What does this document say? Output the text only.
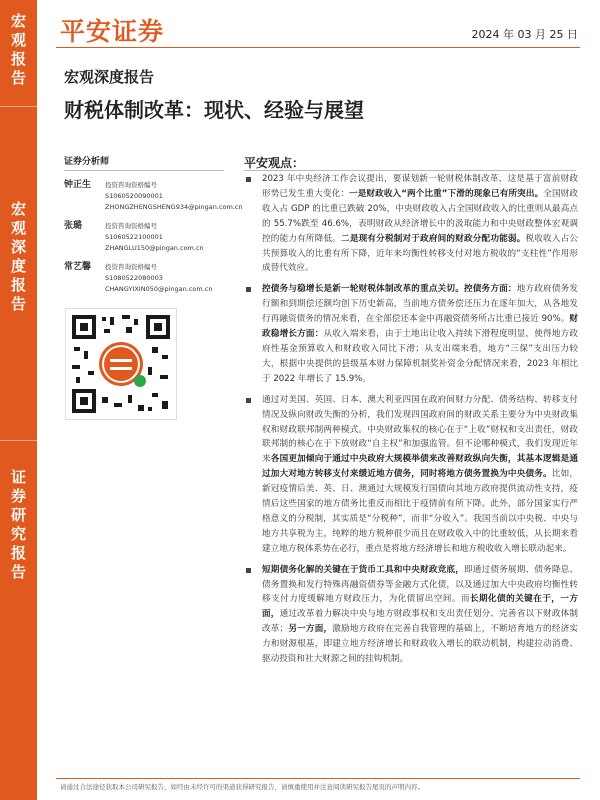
宏
观
报
告
宏
观
深
度
报
告
证
券
研
究
报
告
平安证券	2024 年 03 月 25 日
宏观深度报告
财税体制改革：现状、经验与展望
证券分析师
钟正生 投资咨询资格编号
S1060520090001
ZHONGZHENGSHENG934@pingan.com.cn
张璐	投资咨询资格编号
S1060522100001
ZHANGLU150@pingan.com.cn
常艺馨 投资咨询资格编号
S1080522080003
CHANGYIXIN050@pingan.com.cn
平安观点：
2023 年中央经济工作会议提出，要谋划新一轮财税体制改革，这是基于富前财政形势已发生重大变化：一是财政收入“两个比重”下滑的现象已有所突出。全国财政收入占 GDP 的比重已跌破 20%，中央财政收入占全国财政收入的比重则从最高点的 55.7%跌至 46.6%，表明财政从经济增长中的汲取能力和中央财政整体宏观调控的能力有所降低。二是现有分税制对于政府间的财政分配功能弱。税收收入占公共预算收入的比重有所下降，近年来均衡性转移支付对地方税收的“支柱性”作用形成替代效应。
控债务与稳增长是新一轮财税体制改革的重点关切。控债务方面：地方政府债务发行额和到期偿还额均创下历史新高，当前地方债务偿还压力在逐年加大，从各地发行再融资债务的情况来看，在全部偿还本金中再融资债务所占比重已接近 90%。财政稳增长方面：从收入端来看，由于土地出让收入持续下滑程度明显，使得地方政府性基金预算收入和财政收入同比下滑；从支出端来看，地方“三保”支出压力较大，根据中央提供的县级基本财力保障机制奖补资金分配情况来看，2023 年相比于 2022 年增长了 15.9%。
通过对美国、英国、日本、澳大利亚四国在政府间财力分配、债务结构、转移支付情况及纵向财政失衡的分析，我们发现四国政府间的财政关系主要分为中央财政集权和财政联邦制两种模式。中央财政集权的核心在于“上收”财权和支出责任，财政联邦制的核心在于下放财政“自主权”和加强监管。但不论哪种模式，我们发现近年来各国更加倾向于通过中央政府大规模举债来改善财政纵向失衡，其基本逻辑是通过加大对地方转移支付来缓近地方债务，同时将地方债务置换为中央债务。比如，新冠疫情后美、英、日、澳通过大规模发行国债向其地方政府提供流动性支持，疫情后这些国家的地方债务比重反而相比于疫情前有所下降。此外，部分国家实行严格意义的分税制，其实质是“分税种”，而非“分收入”。我国当前以中央税、中央与地方共享税为主，纯粹的地方税种很少而且在财政收入中的比重较低，从长期来看建立地方税体系势在必行，重点是将地方经济增长和地方税收收入增长联动起来。
短期债务化解的关键在于货币工具和中央财政竞底，即通过债务展期、债务降息、债务置换和发行特殊再融资债券等金融方式化债，以及通过加大中央政府均衡性转移支付力度缓解地方财政压力，为化债留出空间。而长期化债的关键在于，一方面，通过改革着力解决中央与地方财政事权和支出责任划分、完善省以下财政体制改革；另一方面，激励地方政府在完善自我管理的基础上，不断培育地方的经济实力和财源根基，即建立地方经济增长和财政收入增长的联动机制，构建拉动消费、驱动投资和社大财源之间的挂钩机制。
请通过合法途径获取本公司研究报告，如经由未经许可的渠道获得研究报告，请慎重使用并注意阅读研究报告尾页的声明内容。
